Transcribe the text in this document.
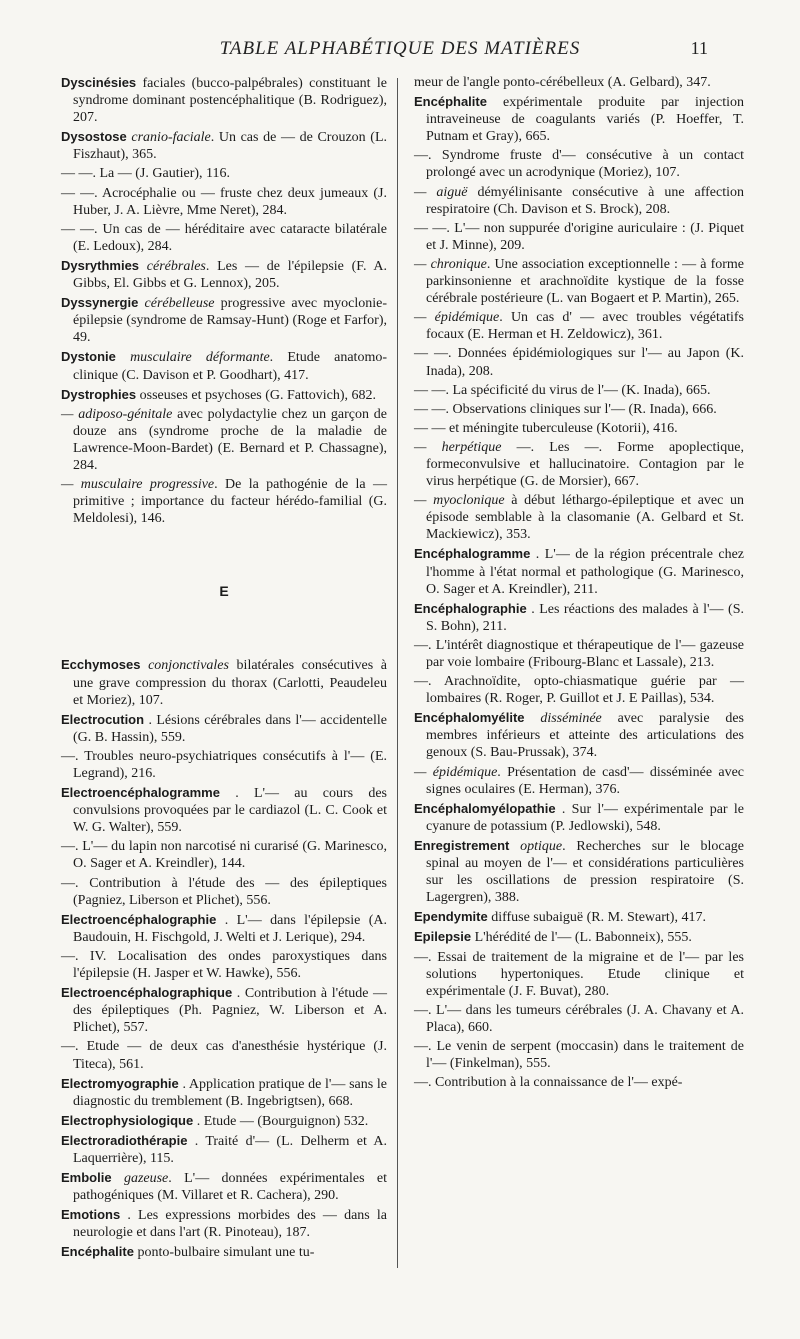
TABLE ALPHABÉTIQUE DES MATIÈRES	11

Dyscinésies faciales (bucco-palpébrales) constituant le syndrome dominant postencéphalitique (B. Rodriguez), 207.

Dysostose cranio-faciale. Un cas de — de Crouzon (L. Fiszhaut), 365.

— —. La — (J. Gautier), 116.

— —. Acrocéphalie ou — fruste chez deux jumeaux (J. Huber, J. A. Lièvre, Mme Neret), 284.

— —. Un cas de — héréditaire avec cataracte bilatérale (E. Ledoux), 284.

Dysrythmies cérébrales. Les — de l'épilepsie (F. A. Gibbs, El. Gibbs et G. Lennox), 205.

Dyssynergie cérébelleuse progressive avec myoclonie-épilepsie (syndrome de Ramsay-Hunt) (Roge et Farfor), 49.

Dystonie musculaire déformante. Etude anatomo-clinique (C. Davison et P. Goodhart), 417.

Dystrophies osseuses et psychoses (G. Fattovich), 682.

— adiposo-génitale avec polydactylie chez un garçon de douze ans (syndrome proche de la maladie de Lawrence-Moon-Bardet) (E. Bernard et P. Chassagne), 284.

— musculaire progressive. De la pathogénie de la — primitive ; importance du facteur hérédo-familial (G. Meldolesi), 146.

E

Ecchymoses conjonctivales bilatérales consécutives à une grave compression du thorax (Carlotti, Peaudeleu et Moriez), 107.

Electrocution . Lésions cérébrales dans l'— accidentelle (G. B. Hassin), 559.

—. Troubles neuro-psychiatriques consécutifs à l'— (E. Legrand), 216.

Electroencéphalogramme . L'— au cours des convulsions provoquées par le cardiazol (L. C. Cook et W. G. Walter), 559.

—. L'— du lapin non narcotisé ni curarisé (G. Marinesco, O. Sager et A. Kreindler), 144.

—. Contribution à l'étude des — des épileptiques (Pagniez, Liberson et Plichet), 556.

Electroencéphalographie . L'— dans l'épilepsie (A. Baudouin, H. Fischgold, J. Welti et J. Lerique), 294.

—. IV. Localisation des ondes paroxystiques dans l'épilepsie (H. Jasper et W. Hawke), 556.

Electroencéphalographique . Contribution à l'étude — des épileptiques (Ph. Pagniez, W. Liberson et A. Plichet), 557.

—. Etude — de deux cas d'anesthésie hystérique (J. Titeca), 561.

Electromyographie . Application pratique de l'— sans le diagnostic du tremblement (B. Ingebrigtsen), 668.

Electrophysiologique . Etude — (Bourguignon) 532.

Electroradiothérapie . Traité d'— (L. Delherm et A. Laquerrière), 115.

Embolie gazeuse. L'— données expérimentales et pathogéniques (M. Villaret et R. Cachera), 290.

Emotions . Les expressions morbides des — dans la neurologie et dans l'art (R. Pinoteau), 187.

Encéphalite ponto-bulbaire simulant une tu-

meur de l'angle ponto-cérébelleux (A. Gelbard), 347.

Encéphalite expérimentale produite par injection intraveineuse de coagulants variés (P. Hoeffer, T. Putnam et Gray), 665.

—. Syndrome fruste d'— consécutive à un contact prolongé avec un acrodynique (Moriez), 107.

— aiguë démyélinisante consécutive à une affection respiratoire (Ch. Davison et S. Brock), 208.

— —. L'— non suppurée d'origine auriculaire : (J. Piquet et J. Minne), 209.

— chronique. Une association exceptionnelle : — à forme parkinsonienne et arachnoïdite kystique de la fosse cérébrale postérieure (L. van Bogaert et P. Martin), 265.

— épidémique. Un cas d' — avec troubles végétatifs focaux (E. Herman et H. Zeldowicz), 361.

— —. Données épidémiologiques sur l'— au Japon (K. Inada), 208.

— —. La spécificité du virus de l'— (K. Inada), 665.

— —. Observations cliniques sur l'— (R. Inada), 666.

— — et méningite tuberculeuse (Kotorii), 416.

— herpétique —. Les —. Forme apoplectique, formeconvulsive et hallucinatoire. Contagion par le virus herpétique (G. de Morsier), 667.

— myoclonique à début léthargo-épileptique et avec un épisode semblable à la clasomanie (A. Gelbard et St. Mackiewicz), 353.

Encéphalogramme . L'— de la région précentrale chez l'homme à l'état normal et pathologique (G. Marinesco, O. Sager et A. Kreindler), 211.

Encéphalographie . Les réactions des malades à l'— (S. S. Bohn), 211.

—. L'intérêt diagnostique et thérapeutique de l'— gazeuse par voie lombaire (Fribourg-Blanc et Lassale), 213.

—. Arachnoïdite, opto-chiasmatique guérie par — lombaires (R. Roger, P. Guillot et J. E Paillas), 534.

Encéphalomyélite disséminée avec paralysie des membres inférieurs et atteinte des articulations des genoux (S. Bau-Prussak), 374.

— épidémique. Présentation de casd'— disséminée avec signes oculaires (E. Herman), 376.

Encéphalomyélopathie . Sur l'— expérimentale par le cyanure de potassium (P. Jedlowski), 548.

Enregistrement optique. Recherches sur le blocage spinal au moyen de l'— et considérations particulières sur les oscillations de pression respiratoire (S. Lagergren), 388.

Ependymite diffuse subaiguë (R. M. Stewart), 417.

Epilepsie L'hérédité de l'— (L. Babonneix), 555.

—. Essai de traitement de la migraine et de l'— par les solutions hypertoniques. Etude clinique et expérimentale (J. F. Buvat), 280.

—. L'— dans les tumeurs cérébrales (J. A. Chavany et A. Placa), 660.

—. Le venin de serpent (moccasin) dans le traitement de l'— (Finkelman), 555.

—. Contribution à la connaissance de l'— expé-
